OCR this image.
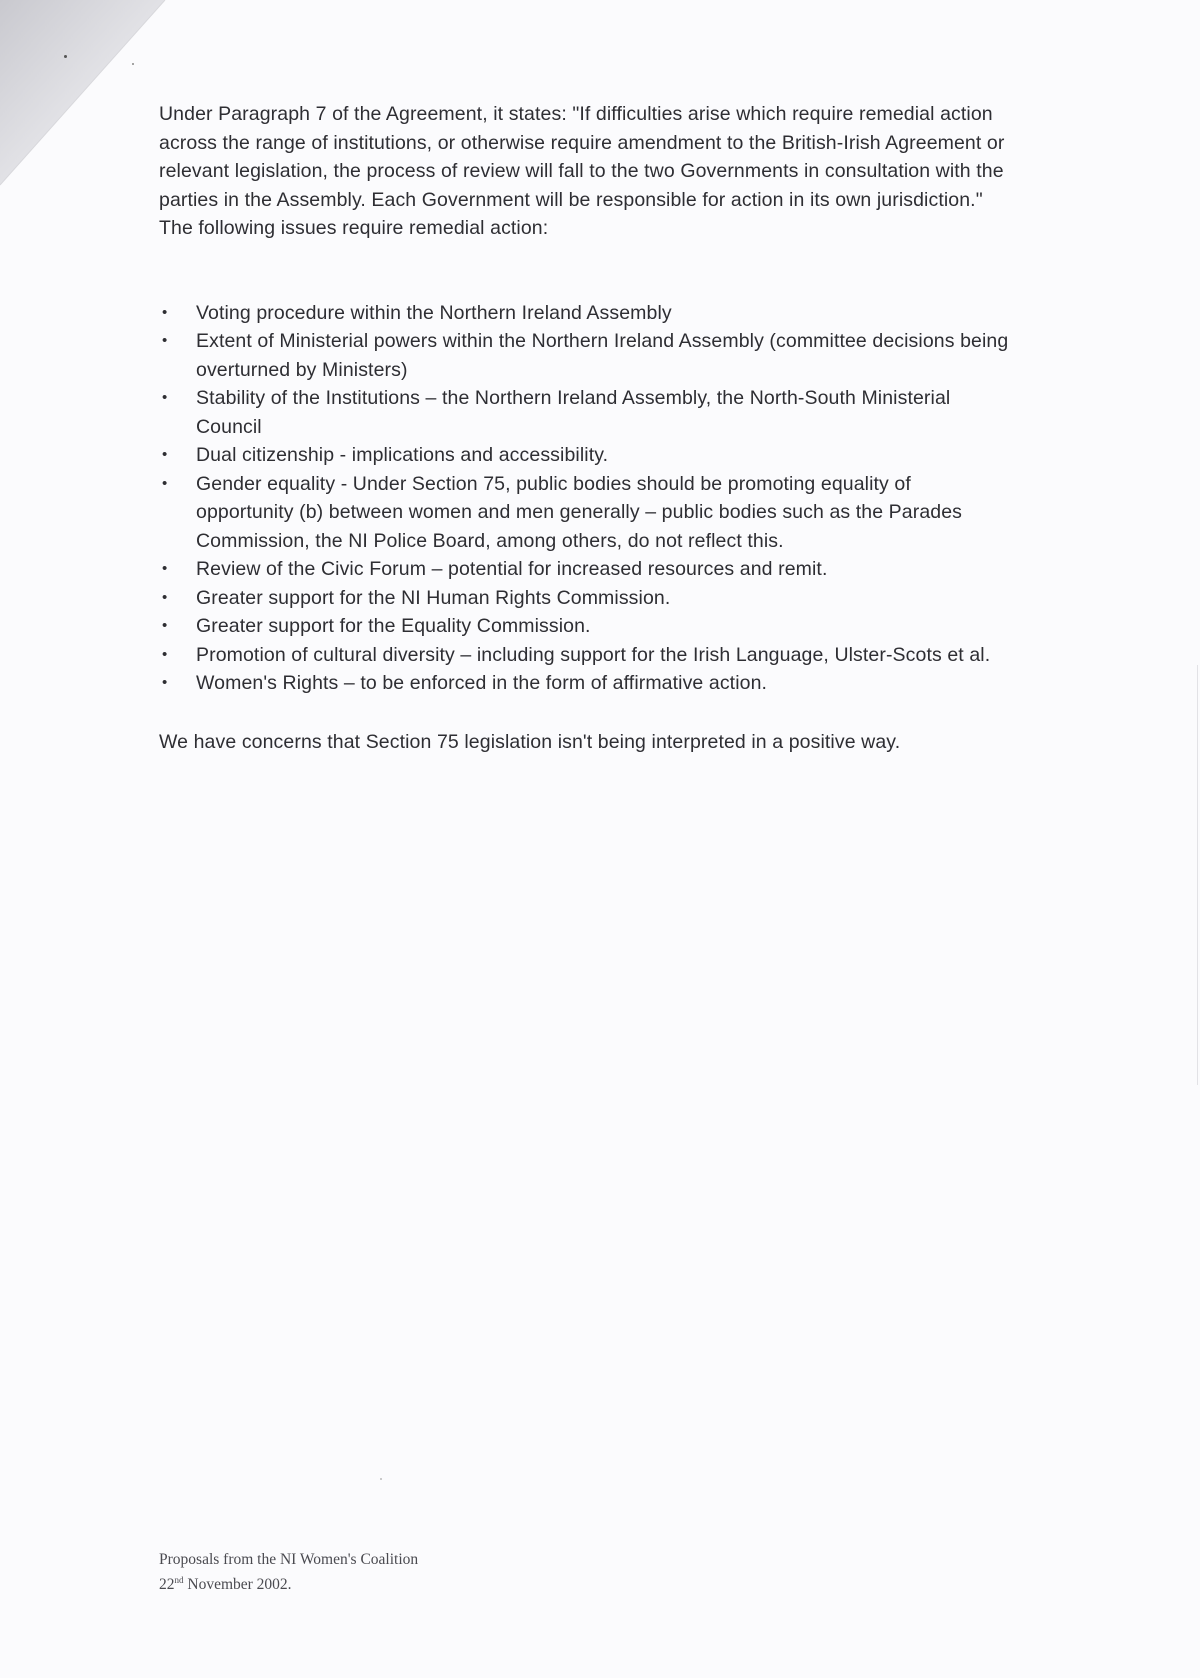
Under Paragraph 7 of the Agreement, it states: "If difficulties arise which require remedial action across the range of institutions, or otherwise require amendment to the British-Irish Agreement or relevant legislation, the process of review will fall to the two Governments in consultation with the parties in the Assembly. Each Government will be responsible for action in its own jurisdiction." The following issues require remedial action:

• Voting procedure within the Northern Ireland Assembly
• Extent of Ministerial powers within the Northern Ireland Assembly (committee decisions being overturned by Ministers)
• Stability of the Institutions – the Northern Ireland Assembly, the North-South Ministerial Council
• Dual citizenship - implications and accessibility.
• Gender equality - Under Section 75, public bodies should be promoting equality of opportunity (b) between women and men generally – public bodies such as the Parades Commission, the NI Police Board, among others, do not reflect this.
• Review of the Civic Forum – potential for increased resources and remit.
• Greater support for the NI Human Rights Commission.
• Greater support for the Equality Commission.
• Promotion of cultural diversity – including support for the Irish Language, Ulster-Scots et al.
• Women's Rights – to be enforced in the form of affirmative action.

We have concerns that Section 75 legislation isn't being interpreted in a positive way.

Proposals from the NI Women's Coalition
22nd November 2002.
